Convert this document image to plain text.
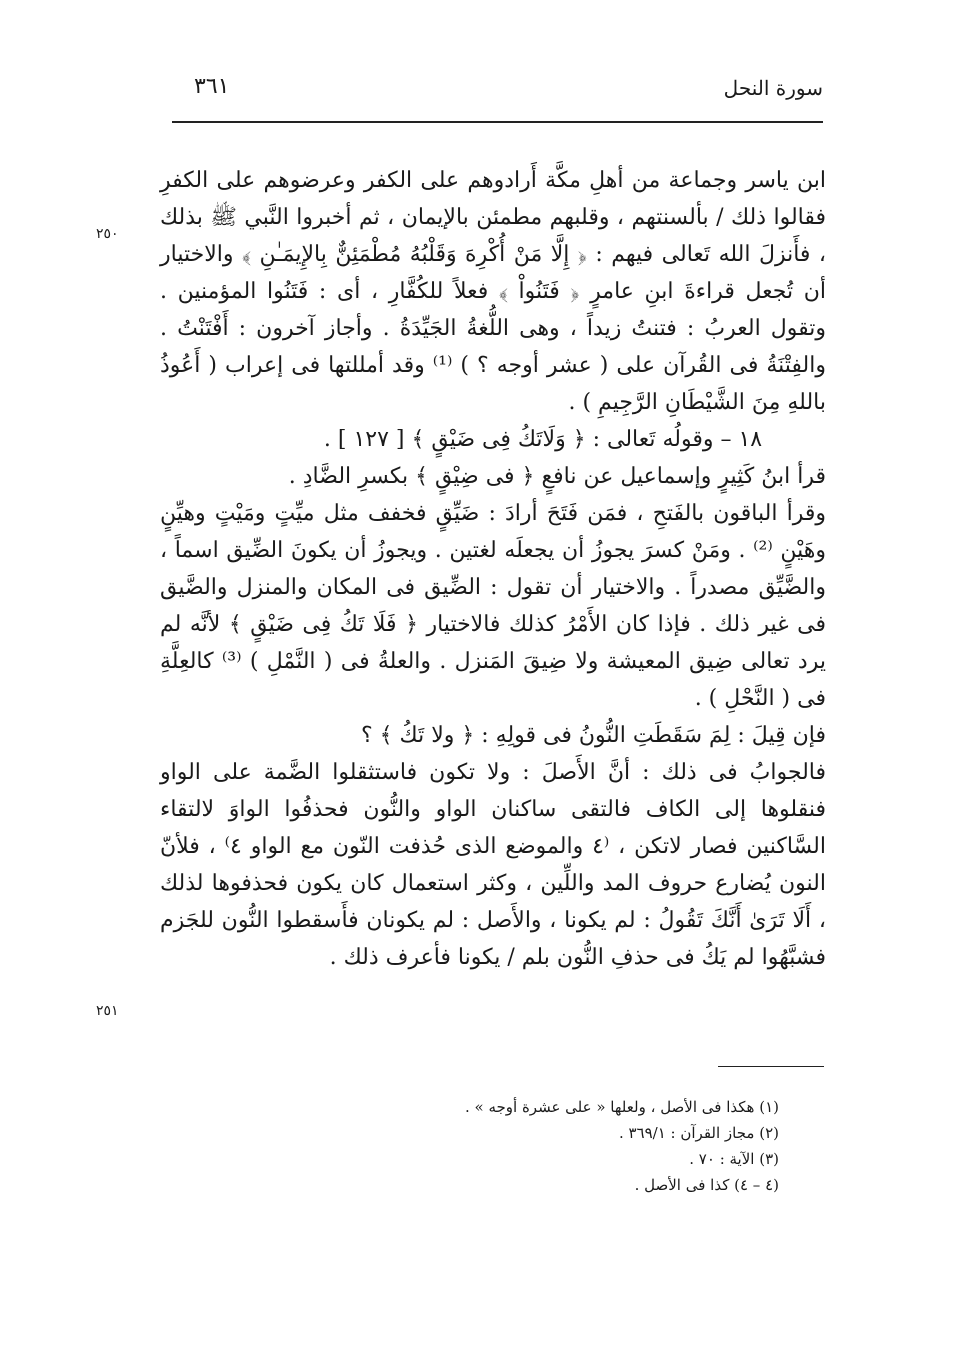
سورة النحل
٣٦١
٢٥٠
٢٥١

ابن ياسر وجماعة من أهلِ مكَّة أَرادوهم على الكفر وعرضوهم على الكفرِ فقالوا ذلك / بألسنتهم ، وقلبهم مطمئن بالإيمان ، ثم أخبروا النَّبي ﷺ بذلك ، فأَنزلَ الله تَعالى فيهم : ﴿ إِلَّا مَنْ أُكْرِهَ وَقَلْبُهُ مُطْمَئِنٌّ بِالإِيمَـٰنِ ﴾ والاختيار أن تُجعل قراءةَ ابنِ عامرٍ ﴿ فَتَنُواْ ﴾ فعلاً للكُفَّارِ ، أى : فَتَنُوا المؤمنين . وتقول العربُ : فتنتُ زيداً ، وهى اللُّغةُ الجَيِّدَةُ . وأجاز آخرون : أَفْتَنْتُ . والفِتْنَةُ فى القُرآن على ( عشر أوجه ؟ ) ⁽¹⁾ وقد أمللتها فى إعراب ( أَعُوذُ باللهِ مِنَ الشَّيْطَانِ الرَّجِيمِ ) .

١٨ – وقولُه تَعالى : ﴿ وَلَاتَكُ فِى ضَيْقٍ ﴾ [ ١٢٧ ] .

قرأ ابنُ كَثِيرٍ وإسماعيل عن نافعٍ ﴿ فى ضِيْقٍ ﴾ بكسرِ الضَّادِ .

وقرأ الباقون بالفَتحِ ، فمَن فَتَحَ أرادَ : ضَيِّقٍ فخفف مثل ميِّتٍ ومَيْتٍ وهيِّنٍ وهَيْنٍ ⁽²⁾ . ومَنْ كسرَ يجوزُ أن يجعلَه لغتين . ويجوزُ أن يكونَ الضِّيق اسماً ، والضَّيِّق مصدراً . والاختيار أن تقول : الضِّيق فى المكان والمنزل والضَّيق فى غير ذلك . فإذا كان الأَمْرُ كذلك فالاختيار ﴿ فَلَا تَكُ فِى ضَيْقٍ ﴾ لأنَّه لم يرد تعالى ضِيق المعيشة ولا ضِيقَ المَنزل . والعلةُ فى ( النَّمْلِ ) ⁽³⁾ كالعِلَّةِ فى ( النَّحْلِ ) .

فإن قِيلَ : لِمَ سَقَطَتِ النُّونُ فى قولِهِ : ﴿ ولا تَكُ ﴾ ؟

فالجوابُ فى ذلك : أنَّ الأَصلَ : ولا تكون فاستثقلوا الضَّمة على الواو فنقلوها إلى الكاف فالتقى ساكنان الواو والنُّون فحذفُوا الواوَ لالتقاء السَّاكنين فصار لاتكن ، ⁽٤ والموضع الذى حُذفت النّون مع الواو ٤⁾ ، فلأنّ النون يُضارع حروف المد واللِّين ، وكثر استعمال كان يكون فحذفوها لذلك ، أَلَا تَرَىٰ أَنَّكَ تَقُولُ : لم يكونا ، والأَصل : لم يكونان فأَسقطوا النُّون للجَزم فشبَّهُوا لم يَكُ فى حذفِ النُّون بلم / يكونا فأعرف ذلك .

(١) هكذا فى الأصل ، ولعلها « على عشرة أوجه » .
(٢) مجاز القرآن : ٣٦٩/١ .
(٣) الآية : ٧٠ .
(٤ – ٤) كذا فى الأصل .
